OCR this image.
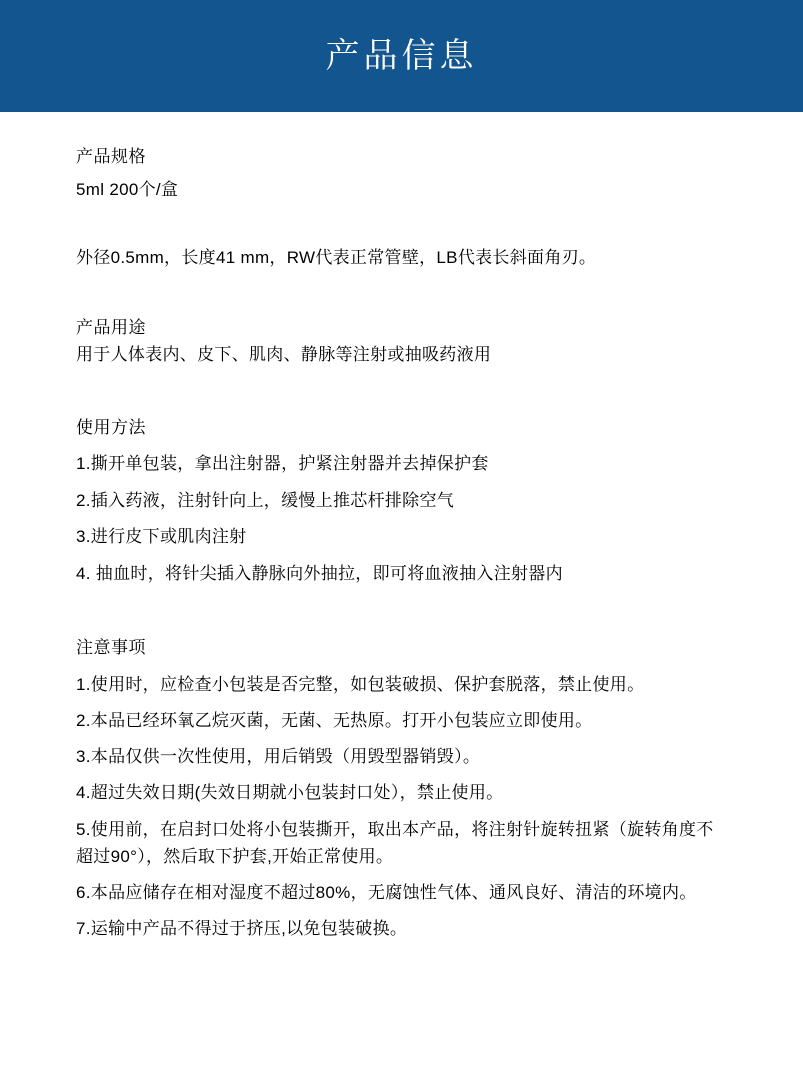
产品信息
产品规格
5ml 200个/盒
外径0.5mm，长度41 mm，RW代表正常管壁，LB代表长斜面角刃。
产品用途
用于人体表内、皮下、肌肉、静脉等注射或抽吸药液用
使用方法
1.撕开单包装，拿出注射器，护紧注射器并去掉保护套
2.插入药液，注射针向上，缓慢上推芯杆排除空气
3.进行皮下或肌肉注射
4. 抽血时，将针尖插入静脉向外抽拉，即可将血液抽入注射器内
注意事项
1.使用时，应检查小包装是否完整，如包装破损、保护套脱落，禁止使用。
2.本品已经环氧乙烷灭菌，无菌、无热原。打开小包装应立即使用。
3.本品仅供一次性使用，用后销毁（用毁型器销毁）。
4.超过失效日期(失效日期就小包装封口处），禁止使用。
5.使用前，在启封口处将小包装撕开，取出本产品，将注射针旋转扭紧（旋转角度不超过90°），然后取下护套,开始正常使用。
6.本品应储存在相对湿度不超过80%，无腐蚀性气体、通风良好、清洁的环境内。
7.运输中产品不得过于挤压,以免包装破换。
